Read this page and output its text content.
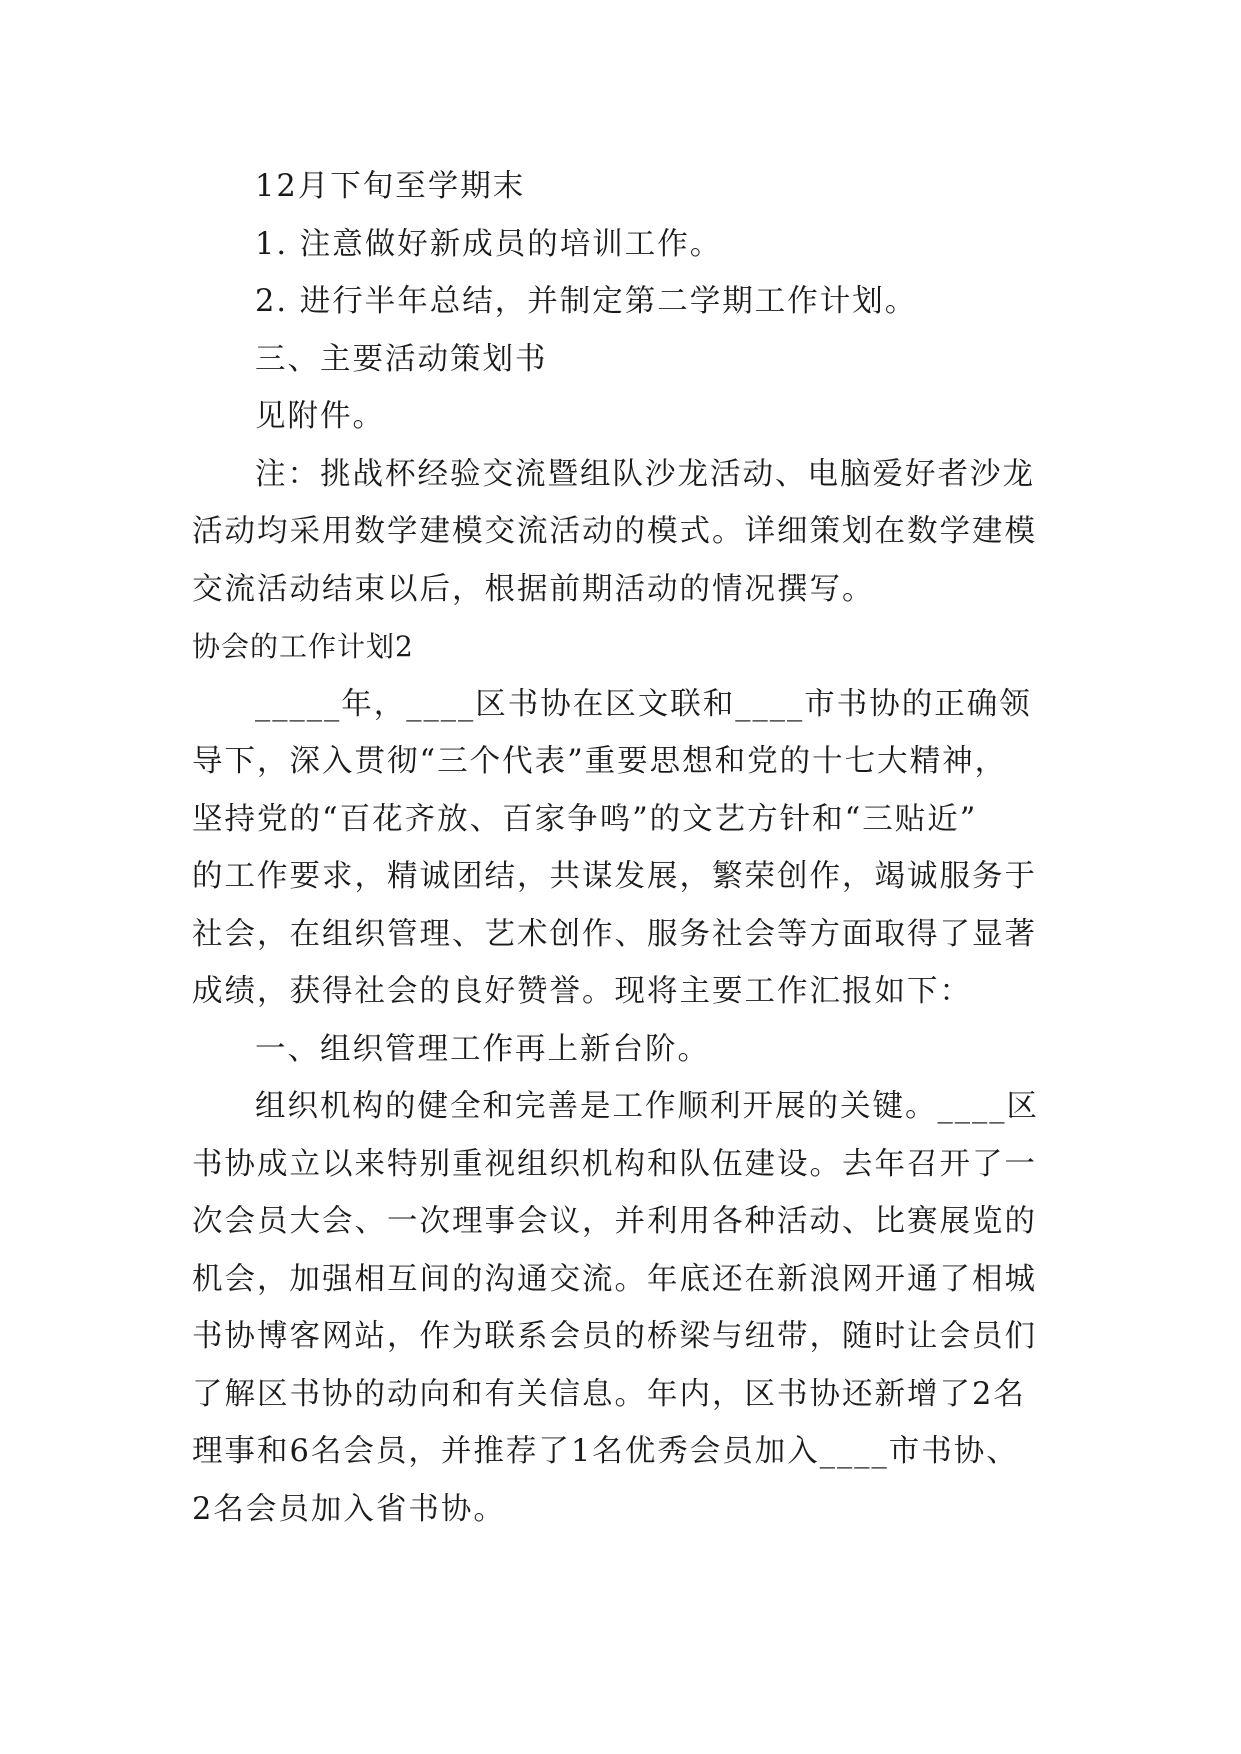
12月下旬至学期末
1. 注意做好新成员的培训工作。
2. 进行半年总结，并制定第二学期工作计划。
三、主要活动策划书
见附件。
注：挑战杯经验交流暨组队沙龙活动、电脑爱好者沙龙
活动均采用数学建模交流活动的模式。详细策划在数学建模
交流活动结束以后，根据前期活动的情况撰写。
协会的工作计划2
_____年，____区书协在区文联和____市书协的正确领
导下，深入贯彻“三个代表”重要思想和党的十七大精神，
坚持党的“百花齐放、百家争鸣”的文艺方针和“三贴近”
的工作要求，精诚团结，共谋发展，繁荣创作，竭诚服务于
社会，在组织管理、艺术创作、服务社会等方面取得了显著
成绩，获得社会的良好赞誉。现将主要工作汇报如下：
一、组织管理工作再上新台阶。
组织机构的健全和完善是工作顺利开展的关键。____区
书协成立以来特别重视组织机构和队伍建设。去年召开了一
次会员大会、一次理事会议，并利用各种活动、比赛展览的
机会，加强相互间的沟通交流。年底还在新浪网开通了相城
书协博客网站，作为联系会员的桥梁与纽带，随时让会员们
了解区书协的动向和有关信息。年内，区书协还新增了2名
理事和6名会员，并推荐了1名优秀会员加入____市书协、
2名会员加入省书协。
